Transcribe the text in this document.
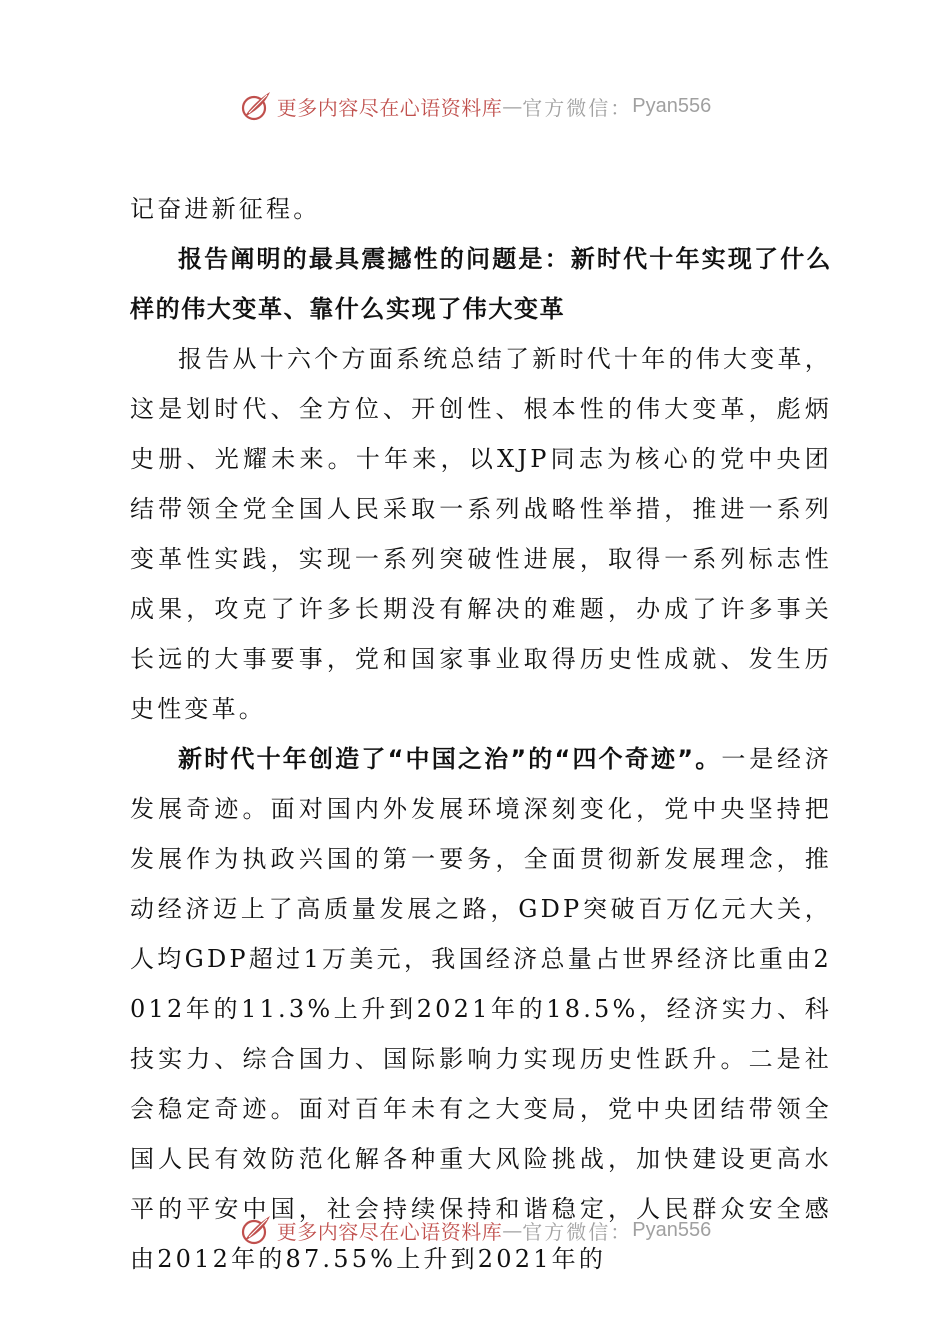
更多内容尽在心语资料库 — 官方微信： Pyan556

记奋进新征程。

报告阐明的最具震撼性的问题是：新时代十年实现了什么样的伟大变革、靠什么实现了伟大变革

报告从十六个方面系统总结了新时代十年的伟大变革，这是划时代、全方位、开创性、根本性的伟大变革，彪炳史册、光耀未来。十年来，以XJP同志为核心的党中央团结带领全党全国人民采取一系列战略性举措，推进一系列变革性实践，实现一系列突破性进展，取得一系列标志性成果，攻克了许多长期没有解决的难题，办成了许多事关长远的大事要事，党和国家事业取得历史性成就、发生历史性变革。

新时代十年创造了“中国之治”的“四个奇迹”。一是经济发展奇迹。面对国内外发展环境深刻变化，党中央坚持把发展作为执政兴国的第一要务，全面贯彻新发展理念，推动经济迈上了高质量发展之路，GDP突破百万亿元大关，人均GDP超过1万美元，我国经济总量占世界经济比重由2012年的11.3%上升到2021年的18.5%，经济实力、科技实力、综合国力、国际影响力实现历史性跃升。二是社会稳定奇迹。面对百年未有之大变局，党中央团结带领全国人民有效防范化解各种重大风险挑战，加快建设更高水平的平安中国，社会持续保持和谐稳定，人民群众安全感由2012年的87.55%上升到2021年的

更多内容尽在心语资料库 — 官方微信： Pyan556
